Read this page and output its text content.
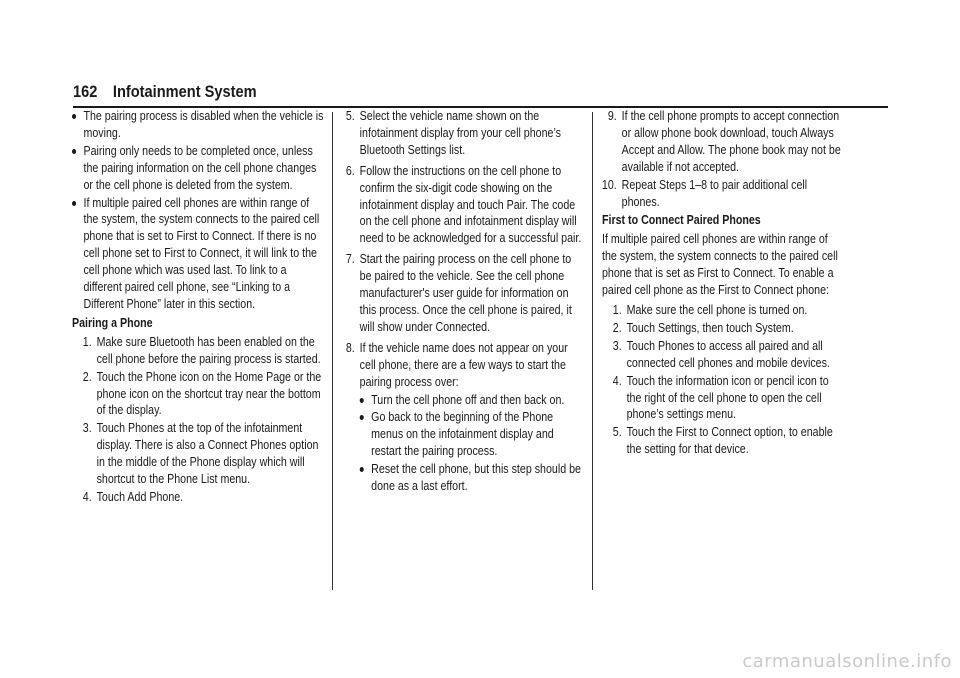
162 Infotainment System
The pairing process is disabled when the vehicle is moving.
Pairing only needs to be completed once, unless the pairing information on the cell phone changes or the cell phone is deleted from the system.
If multiple paired cell phones are within range of the system, the system connects to the paired cell phone that is set to First to Connect. If there is no cell phone set to First to Connect, it will link to the cell phone which was used last. To link to a different paired cell phone, see “Linking to a Different Phone” later in this section.
Pairing a Phone
1. Make sure Bluetooth has been enabled on the cell phone before the pairing process is started.
2. Touch the Phone icon on the Home Page or the phone icon on the shortcut tray near the bottom of the display.
3. Touch Phones at the top of the infotainment display. There is also a Connect Phones option in the middle of the Phone display which will shortcut to the Phone List menu.
4. Touch Add Phone.
5. Select the vehicle name shown on the infotainment display from your cell phone’s Bluetooth Settings list.
6. Follow the instructions on the cell phone to confirm the six-digit code showing on the infotainment display and touch Pair. The code on the cell phone and infotainment display will need to be acknowledged for a successful pair.
7. Start the pairing process on the cell phone to be paired to the vehicle. See the cell phone manufacturer's user guide for information on this process. Once the cell phone is paired, it will show under Connected.
8. If the vehicle name does not appear on your cell phone, there are a few ways to start the pairing process over:
Turn the cell phone off and then back on.
Go back to the beginning of the Phone menus on the infotainment display and restart the pairing process.
Reset the cell phone, but this step should be done as a last effort.
9. If the cell phone prompts to accept connection or allow phone book download, touch Always Accept and Allow. The phone book may not be available if not accepted.
10. Repeat Steps 1–8 to pair additional cell phones.
First to Connect Paired Phones
If multiple paired cell phones are within range of the system, the system connects to the paired cell phone that is set as First to Connect. To enable a paired cell phone as the First to Connect phone:
1. Make sure the cell phone is turned on.
2. Touch Settings, then touch System.
3. Touch Phones to access all paired and all connected cell phones and mobile devices.
4. Touch the information icon or pencil icon to the right of the cell phone to open the cell phone’s settings menu.
5. Touch the First to Connect option, to enable the setting for that device.
carmanualsonline.info
